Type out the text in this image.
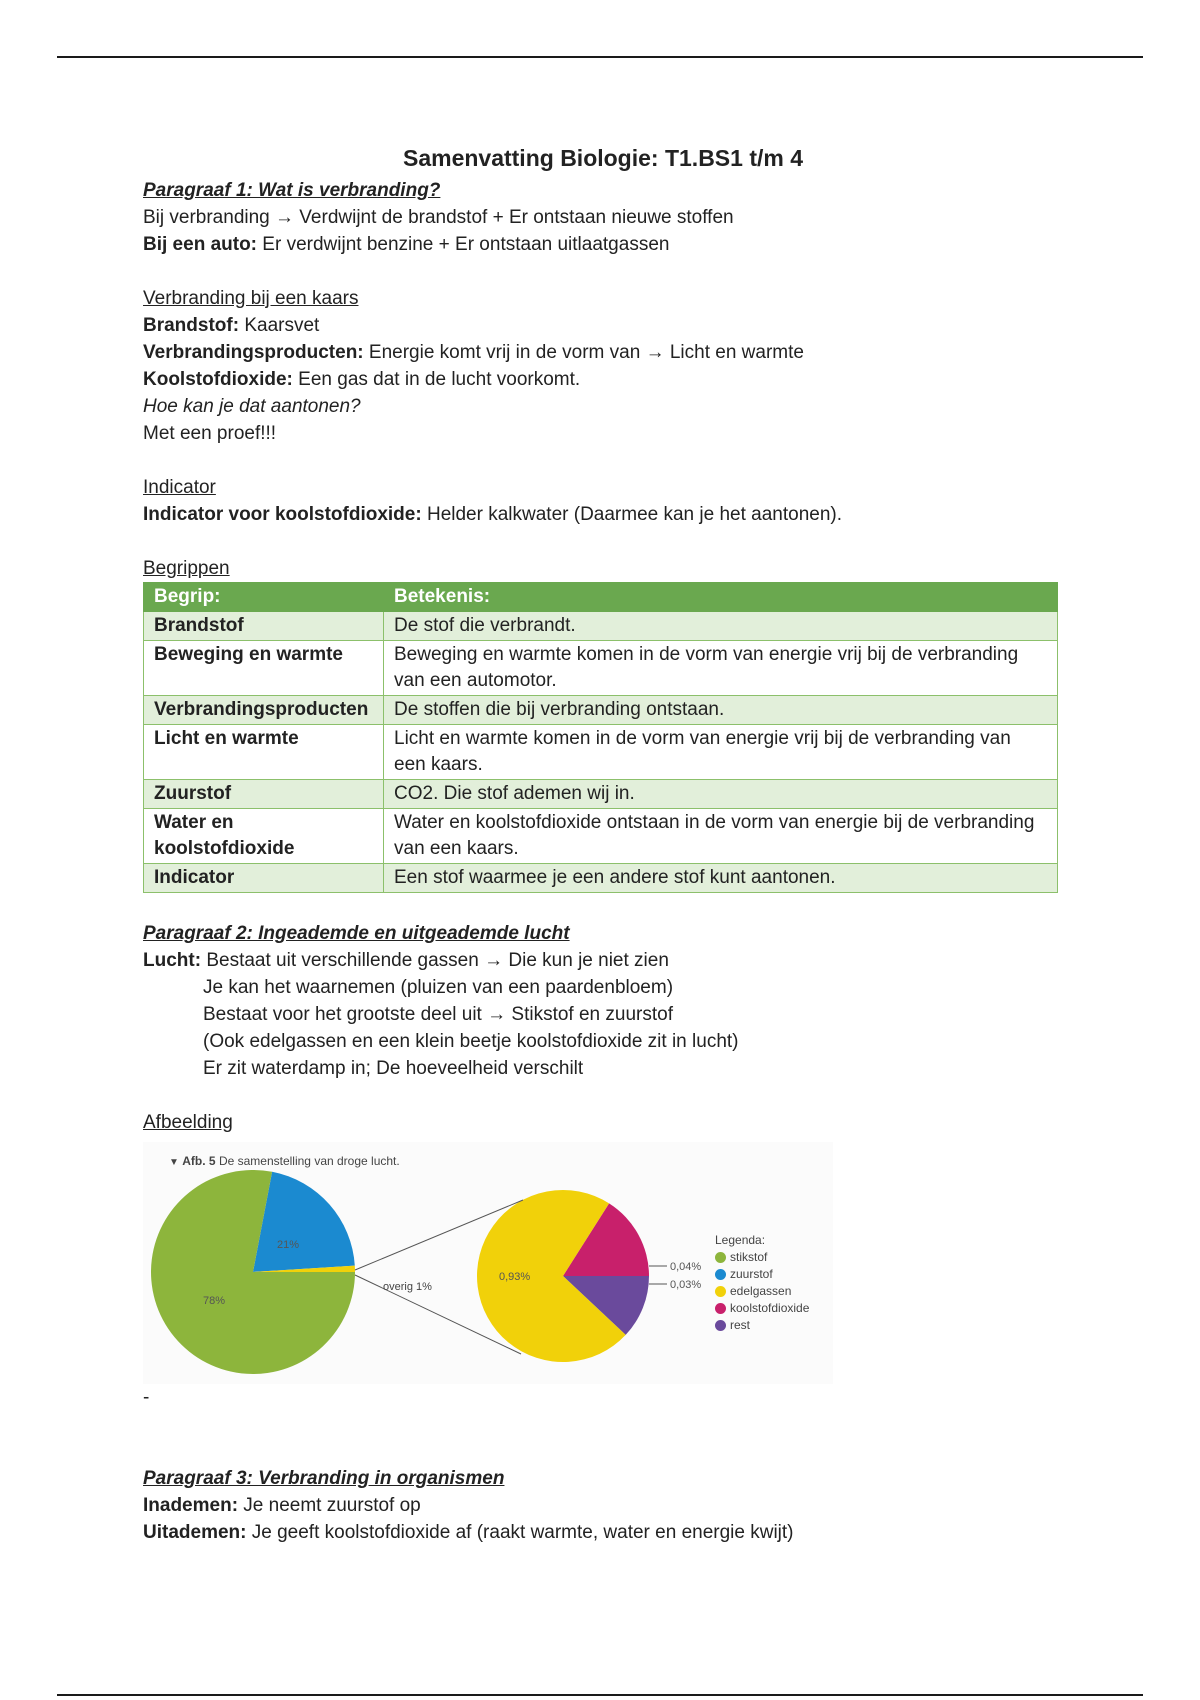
Samenvatting Biologie: T1.BS1 t/m 4
Paragraaf 1: Wat is verbranding?
Bij verbranding → Verdwijnt de brandstof + Er ontstaan nieuwe stoffen
Bij een auto: Er verdwijnt benzine + Er ontstaan uitlaatgassen
Verbranding bij een kaars
Brandstof: Kaarsvet
Verbrandingsproducten: Energie komt vrij in de vorm van → Licht en warmte
Koolstofdioxide: Een gas dat in de lucht voorkomt.
Hoe kan je dat aantonen?
Met een proef!!!
Indicator
Indicator voor koolstofdioxide: Helder kalkwater (Daarmee kan je het aantonen).
Begrippen
Begrip:	Betekenis:
Brandstof	De stof die verbrandt.
Beweging en warmte	Beweging en warmte komen in de vorm van energie vrij bij de verbranding van een automotor.
Verbrandingsproducten	De stoffen die bij verbranding ontstaan.
Licht en warmte	Licht en warmte komen in de vorm van energie vrij bij de verbranding van een kaars.
Zuurstof	CO2. Die stof ademen wij in.
Water en koolstofdioxide	Water en koolstofdioxide ontstaan in de vorm van energie bij de verbranding van een kaars.
Indicator	Een stof waarmee je een andere stof kunt aantonen.
Paragraaf 2: Ingeademde en uitgeademde lucht
Lucht: Bestaat uit verschillende gassen → Die kun je niet zien
Je kan het waarnemen (pluizen van een paardenbloem)
Bestaat voor het grootste deel uit → Stikstof en zuurstof
(Ook edelgassen en een klein beetje koolstofdioxide zit in lucht)
Er zit waterdamp in; De hoeveelheid verschilt
Afbeelding
▼ Afb. 5 De samenstelling van droge lucht.
78%
21%
0,93%
0,04%
0,03%
overig 1%
Legenda:
stikstof
zuurstof
edelgassen
koolstofdioxide
rest
-
Paragraaf 3: Verbranding in organismen
Inademen: Je neemt zuurstof op
Uitademen: Je geeft koolstofdioxide af (raakt warmte, water en energie kwijt)
